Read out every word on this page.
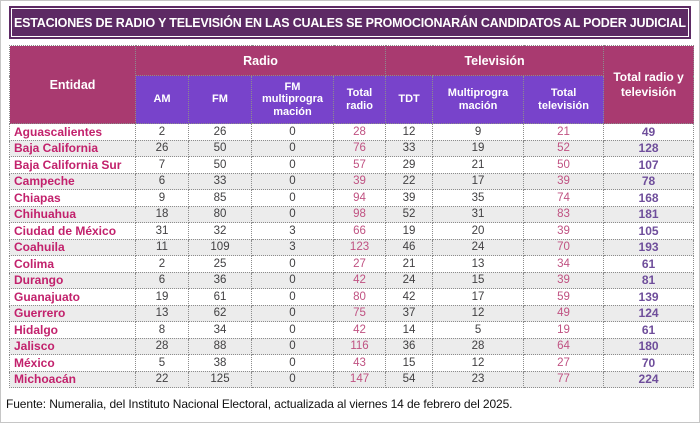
ESTACIONES DE RADIO Y TELEVISIÓN EN LAS CUALES SE PROMOCIONARÁN CANDIDATOS AL PODER JUDICIAL
Entidad	Radio				Televisión			Total radio y televisión
	AM	FM	FM multiprogra mación	Total radio	TDT	Multiprogra mación	Total televisión	
Aguascalientes	2	26	0	28	12	9	21	49
Baja California	26	50	0	76	33	19	52	128
Baja California Sur	7	50	0	57	29	21	50	107
Campeche	6	33	0	39	22	17	39	78
Chiapas	9	85	0	94	39	35	74	168
Chihuahua	18	80	0	98	52	31	83	181
Ciudad de México	31	32	3	66	19	20	39	105
Coahuila	11	109	3	123	46	24	70	193
Colima	2	25	0	27	21	13	34	61
Durango	6	36	0	42	24	15	39	81
Guanajuato	19	61	0	80	42	17	59	139
Guerrero	13	62	0	75	37	12	49	124
Hidalgo	8	34	0	42	14	5	19	61
Jalisco	28	88	0	116	36	28	64	180
México	5	38	0	43	15	12	27	70
Michoacán	22	125	0	147	54	23	77	224
Fuente: Numeralia, del Instituto Nacional Electoral, actualizada al viernes 14 de febrero del 2025.
